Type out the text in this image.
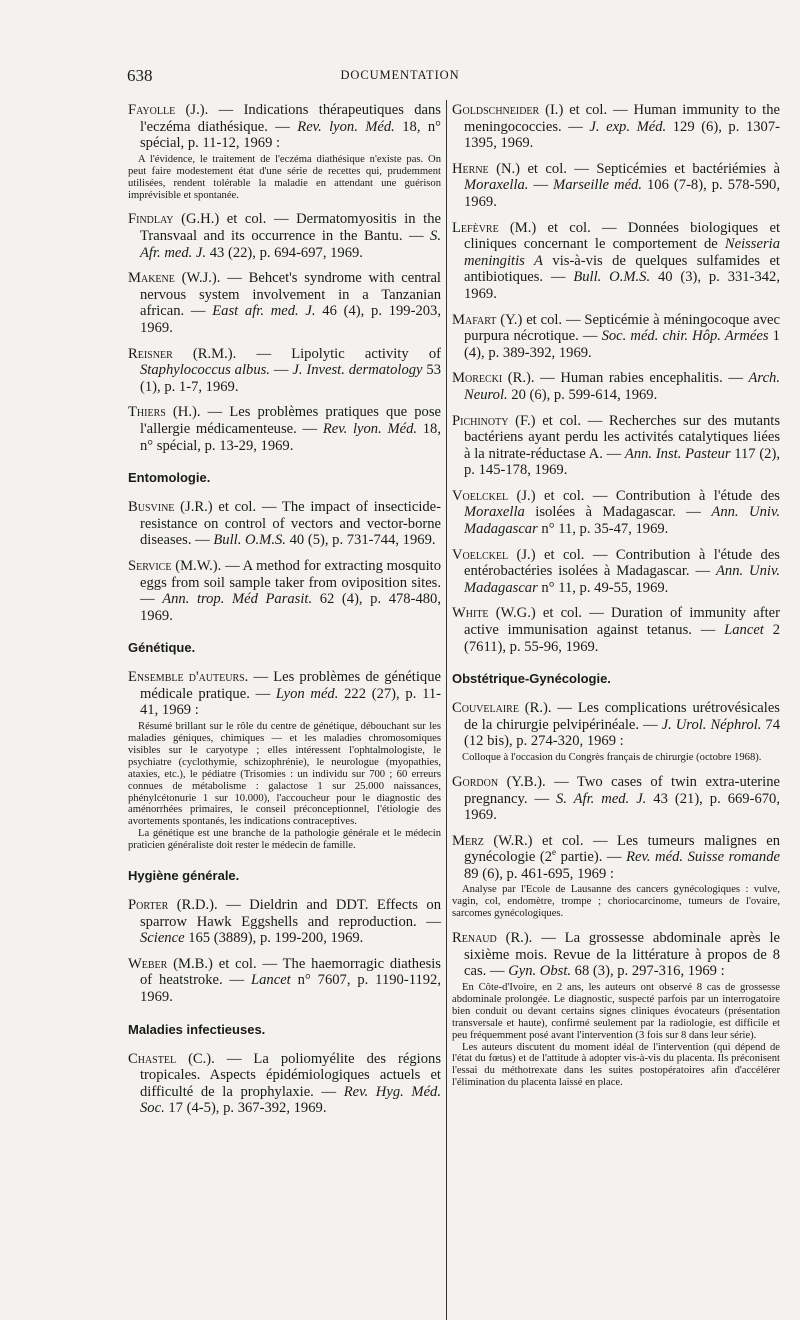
638	DOCUMENTATION
Fayolle (J.). — Indications thérapeutiques dans l'eczéma diathésique. — Rev. lyon. Méd. 18, n° spécial, p. 11-12, 1969 :

A l'évidence, le traitement de l'eczéma diathésique n'existe pas. On peut faire modestement état d'une série de recettes qui, prudemment utilisées, rendent tolérable la maladie en attendant une guérison imprévisible et spontanée.

Findlay (G.H.) et col. — Dermatomyositis in the Transvaal and its occurrence in the Bantu. — S. Afr. med. J. 43 (22), p. 694-697, 1969.
Makene (W.J.). — Behcet's syndrome with central nervous system involvement in a Tanzanian african. — East afr. med. J. 46 (4), p. 199-203, 1969.
Reisner (R.M.). — Lipolytic activity of Staphylococcus albus. — J. Invest. dermatology 53 (1), p. 1-7, 1969.
Thiers (H.). — Les problèmes pratiques que pose l'allergie médicamenteuse. — Rev. lyon. Méd. 18, n° spécial, p. 13-29, 1969.
Entomologie.
Busvine (J.R.) et col. — The impact of insecticide-resistance on control of vectors and vector-borne diseases. — Bull. O.M.S. 40 (5), p. 731-744, 1969.
Service (M.W.). — A method for extracting mosquito eggs from soil sample taker from oviposition sites. — Ann. trop. Méd Parasit. 62 (4), p. 478-480, 1969.
Génétique.
Ensemble d'auteurs. — Les problèmes de génétique médicale pratique. — Lyon méd. 222 (27), p. 11-41, 1969 :

Résumé brillant sur le rôle du centre de génétique, débouchant sur les maladies géniques, chimiques — et les maladies chromosomiques visibles sur le caryotype ; elles intéressent l'ophtalmologiste, le psychiatre (cyclothymie, schizophrénie), le neurologue (myopathies, ataxies, etc.), le pédiatre (Trisomies : un individu sur 700 ; 60 erreurs connues de métabolisme : galactose 1 sur 25.000 naissances, phénylcétonurie 1 sur 10.000), l'accoucheur pour le diagnostic des aménorrhées primaires, le conseil préconceptionnel, l'étiologie des avortements spontanés, les indications contraceptives.

La génétique est une branche de la pathologie générale et le médecin praticien généraliste doit rester le médecin de famille.

Hygiène générale.
Porter (R.D.). — Dieldrin and DDT. Effects on sparrow Hawk Eggshells and reproduction. — Science 165 (3889), p. 199-200, 1969.
Weber (M.B.) et col. — The haemorragic diathesis of heatstroke. — Lancet n° 7607, p. 1190-1192, 1969.
Maladies infectieuses.
Chastel (C.). — La poliomyélite des régions tropicales. Aspects épidémiologiques actuels et difficulté de la prophylaxie. — Rev. Hyg. Méd. Soc. 17 (4-5), p. 367-392, 1969.
Goldschneider (I.) et col. — Human immunity to the meningococcies. — J. exp. Méd. 129 (6), p. 1307-1395, 1969.
Herne (N.) et col. — Septicémies et bactériémies à Moraxella. — Marseille méd. 106 (7-8), p. 578-590, 1969.
Lefèvre (M.) et col. — Données biologiques et cliniques concernant le comportement de Neisseria meningitis A vis-à-vis de quelques sulfamides et antibiotiques. — Bull. O.M.S. 40 (3), p. 331-342, 1969.
Mafart (Y.) et col. — Septicémie à méningocoque avec purpura nécrotique. — Soc. méd. chir. Hôp. Armées 1 (4), p. 389-392, 1969.
Morecki (R.). — Human rabies encephalitis. — Arch. Neurol. 20 (6), p. 599-614, 1969.
Pichinoty (F.) et col. — Recherches sur des mutants bactériens ayant perdu les activités catalytiques liées à la nitrate-réductase A. — Ann. Inst. Pasteur 117 (2), p. 145-178, 1969.
Voelckel (J.) et col. — Contribution à l'étude des Moraxella isolées à Madagascar. — Ann. Univ. Madagascar n° 11, p. 35-47, 1969.
Voelckel (J.) et col. — Contribution à l'étude des entérobactéries isolées à Madagascar. — Ann. Univ. Madagascar n° 11, p. 49-55, 1969.
White (W.G.) et col. — Duration of immunity after active immunisation against tetanus. — Lancet 2 (7611), p. 55-96, 1969.
Obstétrique-Gynécologie.
Couvelaire (R.). — Les complications urétrovésicales de la chirurgie pelvipérinéale. — J. Urol. Néphrol. 74 (12 bis), p. 274-320, 1969 :

Colloque à l'occasion du Congrès français de chirurgie (octobre 1968).

Gordon (Y.B.). — Two cases of twin extra-uterine pregnancy. — S. Afr. med. J. 43 (21), p. 669-670, 1969.
Merz (W.R.) et col. — Les tumeurs malignes en gynécologie (2e partie). — Rev. méd. Suisse romande 89 (6), p. 461-695, 1969 :

Analyse par l'Ecole de Lausanne des cancers gynécologiques : vulve, vagin, col, endomètre, trompe ; choriocarcinome, tumeurs de l'ovaire, sarcomes gynécologiques.

Renaud (R.). — La grossesse abdominale après le sixième mois. Revue de la littérature à propos de 8 cas. — Gyn. Obst. 68 (3), p. 297-316, 1969 :

En Côte-d'Ivoire, en 2 ans, les auteurs ont observé 8 cas de grossesse abdominale prolongée. Le diagnostic, suspecté parfois par un interrogatoire bien conduit ou devant certains signes cliniques évocateurs (présentation transversale et haute), confirmé seulement par la radiologie, est difficile et peu fréquemment posé avant l'intervention (3 fois sur 8 dans leur série).

Les auteurs discutent du moment idéal de l'intervention (qui dépend de l'état du fœtus) et de l'attitude à adopter vis-à-vis du placenta. Ils préconisent l'essai du méthotrexate dans les suites postopératoires afin d'accélérer l'élimination du placenta laissé en place.
